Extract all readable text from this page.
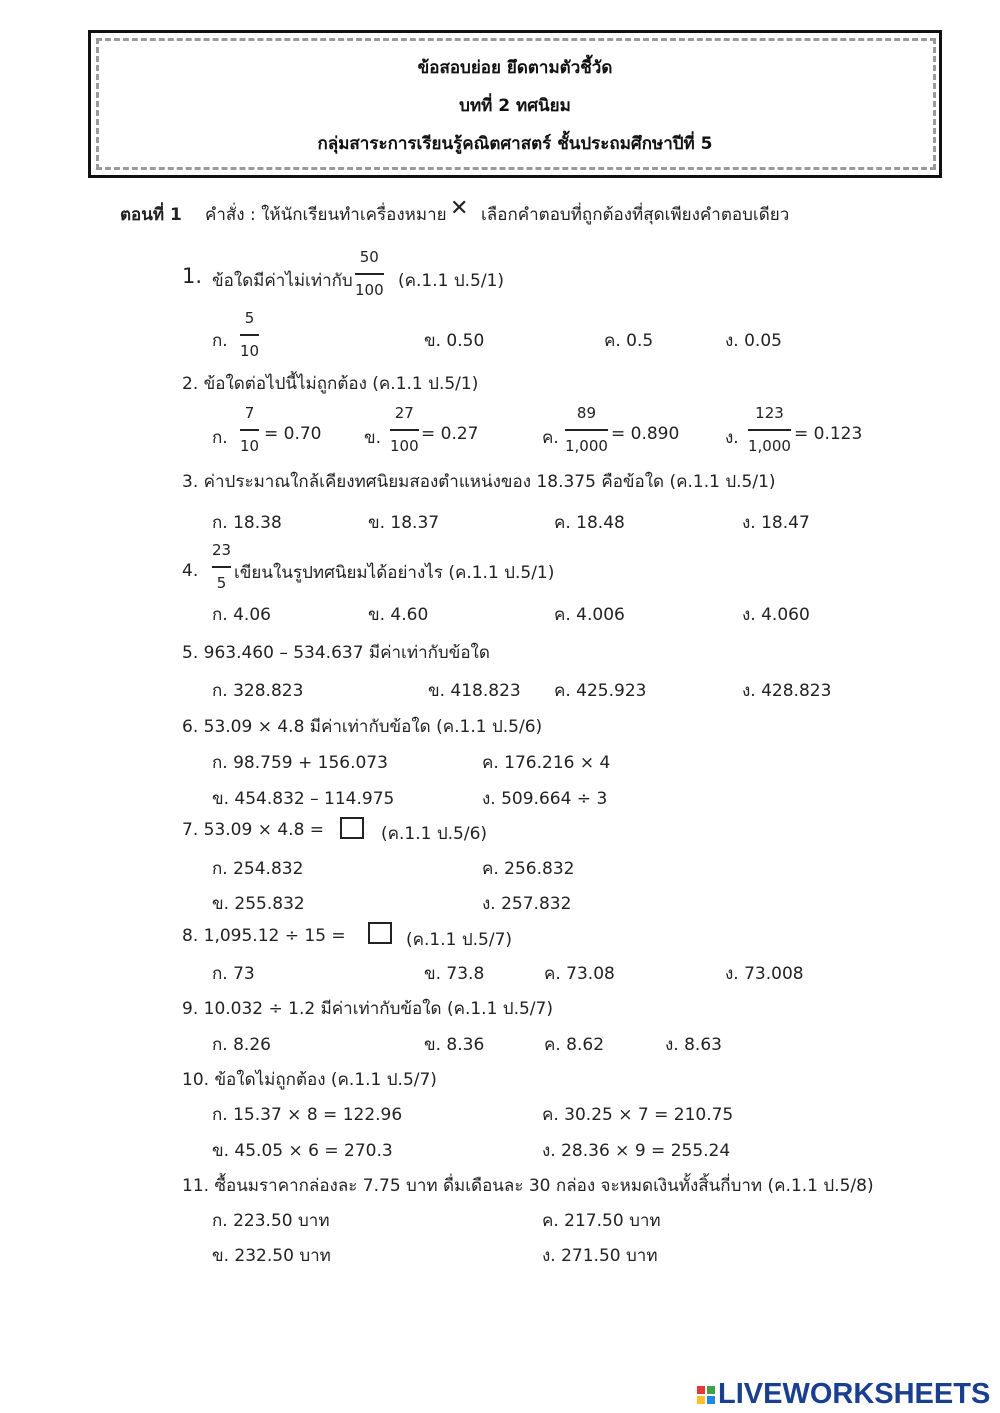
ข้อสอบย่อย ยึดตามตัวชี้วัด
บทที่ 2 ทศนิยม
กลุ่มสาระการเรียนรู้คณิตศาสตร์ ชั้นประถมศึกษาปีที่ 5
ตอนที่ 1 คำสั่ง : ให้นักเรียนทำเครื่องหมาย ✕ เลือกคำตอบที่ถูกต้องที่สุดเพียงคำตอบเดียว
1. ข้อใดมีค่าไม่เท่ากับ
50
100 (ค.1.1 ป.5/1)
ก.
5
10	ข. 0.50	ค. 0.5	ง. 0.05
2. ข้อใดต่อไปนี้ไม่ถูกต้อง (ค.1.1 ป.5/1)
ก.
7
10
= 0.70	ข.
27
100
= 0.27	ค.
89
1,000
= 0.890	ง.
123
1,000
= 0.123
3. ค่าประมาณใกล้เคียงทศนิยมสองตำแหน่งของ 18.375 คือข้อใด (ค.1.1 ป.5/1)
ก. 18.38	ข. 18.37	ค. 18.48	ง. 18.47
4.
23
5 เขียนในรูปทศนิยมได้อย่างไร (ค.1.1 ป.5/1)
ก. 4.06	ข. 4.60	ค. 4.006	ง. 4.060
5. 963.460 – 534.637 มีค่าเท่ากับข้อใด
ก. 328.823	ข. 418.823 ค. 425.923	ง. 428.823
6. 53.09 × 4.8 มีค่าเท่ากับข้อใด (ค.1.1 ป.5/6)
ก. 98.759 + 156.073	ค. 176.216 × 4
ข. 454.832 – 114.975	ง. 509.664 ÷ 3
7. 53.09 × 4.8 =	(ค.1.1 ป.5/6)
ก. 254.832	ค. 256.832
ข. 255.832	ง. 257.832
8. 1,095.12 ÷ 15 =	(ค.1.1 ป.5/7)
ก. 73	ข. 73.8	ค. 73.08	ง. 73.008
9. 10.032 ÷ 1.2 มีค่าเท่ากับข้อใด (ค.1.1 ป.5/7)
ก. 8.26	ข. 8.36	ค. 8.62	ง. 8.63
10. ข้อใดไม่ถูกต้อง (ค.1.1 ป.5/7)
ก. 15.37 × 8 = 122.96	ค. 30.25 × 7 = 210.75
ข. 45.05 × 6 = 270.3	ง. 28.36 × 9 = 255.24
11. ซื้อนมราคากล่องละ 7.75 บาท ดื่มเดือนละ 30 กล่อง จะหมดเงินทั้งสิ้นกี่บาท (ค.1.1 ป.5/8)
ก. 223.50 บาท	ค. 217.50 บาท
ข. 232.50 บาท	ง. 271.50 บาท
LIVEWORKSHEETS
